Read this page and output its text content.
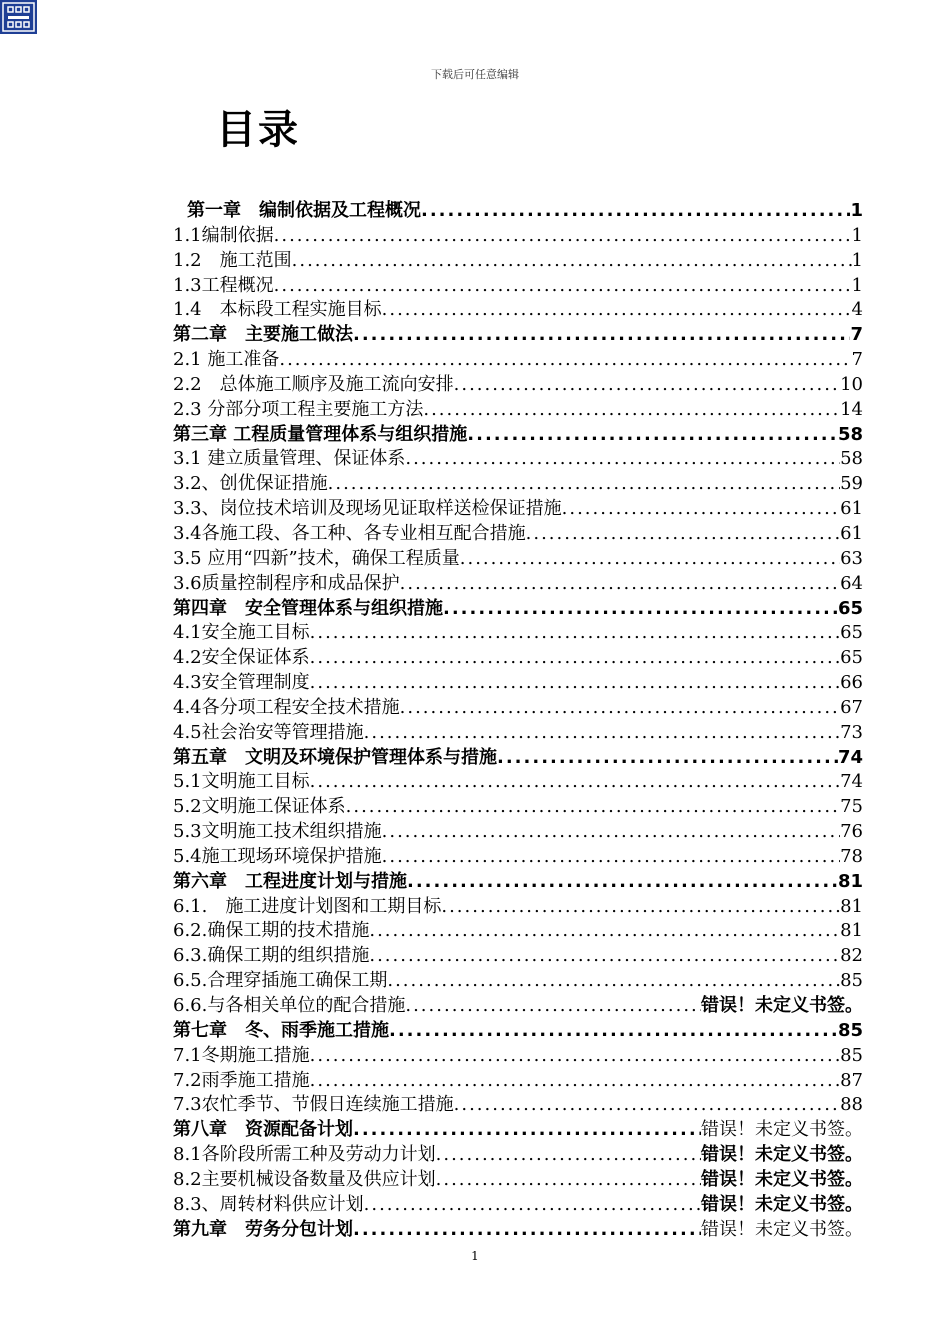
下载后可任意编辑
目录
第一章　编制依据及工程概况 .....	1
1.1编制依据 .....	1
1.2　施工范围 .....	1
1.3工程概况 .....	1
1.4　本标段工程实施目标 .....	4
第二章　主要施工做法 .....	7
2.1 施工准备 .....	7
2.2　总体施工顺序及施工流向安排 .....	10
2.3 分部分项工程主要施工方法 .....	14
第三章 工程质量管理体系与组织措施 .....	58
3.1 建立质量管理、保证体系 .....	58
3.2、创优保证措施 .....	59
3.3、岗位技术培训及现场见证取样送检保证措施 .....	61
3.4各施工段、各工种、各专业相互配合措施 .....	61
3.5 应用“四新”技术，确保工程质量 .....	63
3.6质量控制程序和成品保护 .....	64
第四章　安全管理体系与组织措施 .....	65
4.1安全施工目标 .....	65
4.2安全保证体系 .....	65
4.3安全管理制度 .....	66
4.4各分项工程安全技术措施 .....	67
4.5社会治安等管理措施 .....	73
第五章　文明及环境保护管理体系与措施 .....	74
5.1文明施工目标 .....	74
5.2文明施工保证体系 .....	75
5.3文明施工技术组织措施 .....	76
5.4施工现场环境保护措施 .....	78
第六章　工程进度计划与措施 .....	81
6.1.　施工进度计划图和工期目标 .....	81
6.2.确保工期的技术措施 .....	81
6.3.确保工期的组织措施 .....	82
6.5.合理穿插施工确保工期 .....	85
6.6.与各相关单位的配合措施 .....	错误！未定义书签。
第七章　冬、雨季施工措施 .....	85
7.1冬期施工措施 .....	85
7.2雨季施工措施 .....	87
7.3农忙季节、节假日连续施工措施 .....	88
第八章　资源配备计划 .....	错误！未定义书签。
8.1各阶段所需工种及劳动力计划 .....	错误！未定义书签。
8.2主要机械设备数量及供应计划 .....	错误！未定义书签。
8.3、周转材料供应计划 .....	错误！未定义书签。
第九章　劳务分包计划 .....	错误！未定义书签。
1
